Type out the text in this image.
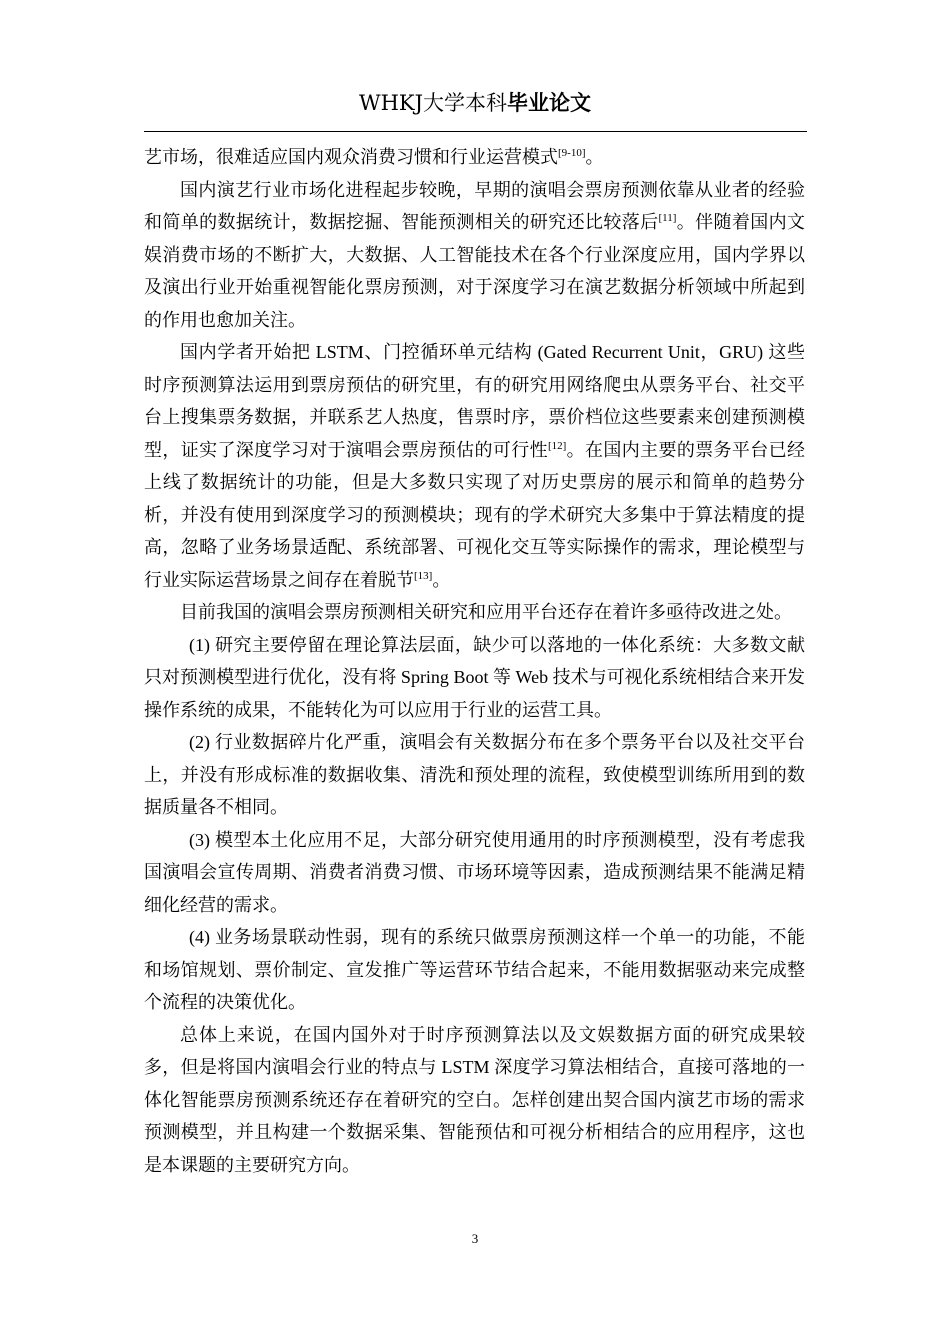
WHKJ大学本科毕业论文

艺市场，很难适应国内观众消费习惯和行业运营模式[9-10]。

国内演艺行业市场化进程起步较晚，早期的演唱会票房预测依靠从业者的经验和简单的数据统计，数据挖掘、智能预测相关的研究还比较落后[11]。伴随着国内文娱消费市场的不断扩大，大数据、人工智能技术在各个行业深度应用，国内学界以及演出行业开始重视智能化票房预测，对于深度学习在演艺数据分析领域中所起到的作用也愈加关注。

国内学者开始把 LSTM、门控循环单元结构 (Gated Recurrent Unit，GRU) 这些时序预测算法运用到票房预估的研究里，有的研究用网络爬虫从票务平台、社交平台上搜集票务数据，并联系艺人热度，售票时序，票价档位这些要素来创建预测模型，证实了深度学习对于演唱会票房预估的可行性[12]。在国内主要的票务平台已经上线了数据统计的功能，但是大多数只实现了对历史票房的展示和简单的趋势分析，并没有使用到深度学习的预测模块；现有的学术研究大多集中于算法精度的提高，忽略了业务场景适配、系统部署、可视化交互等实际操作的需求，理论模型与行业实际运营场景之间存在着脱节[13]。

目前我国的演唱会票房预测相关研究和应用平台还存在着许多亟待改进之处。

(1) 研究主要停留在理论算法层面，缺少可以落地的一体化系统：大多数文献只对预测模型进行优化，没有将 Spring Boot 等 Web 技术与可视化系统相结合来开发操作系统的成果，不能转化为可以应用于行业的运营工具。

(2) 行业数据碎片化严重，演唱会有关数据分布在多个票务平台以及社交平台上，并没有形成标准的数据收集、清洗和预处理的流程，致使模型训练所用到的数据质量各不相同。

(3) 模型本土化应用不足，大部分研究使用通用的时序预测模型，没有考虑我国演唱会宣传周期、消费者消费习惯、市场环境等因素，造成预测结果不能满足精细化经营的需求。

(4) 业务场景联动性弱，现有的系统只做票房预测这样一个单一的功能，不能和场馆规划、票价制定、宣发推广等运营环节结合起来，不能用数据驱动来完成整个流程的决策优化。

总体上来说，在国内国外对于时序预测算法以及文娱数据方面的研究成果较多，但是将国内演唱会行业的特点与 LSTM 深度学习算法相结合，直接可落地的一体化智能票房预测系统还存在着研究的空白。怎样创建出契合国内演艺市场的需求预测模型，并且构建一个数据采集、智能预估和可视分析相结合的应用程序，这也是本课题的主要研究方向。

3
